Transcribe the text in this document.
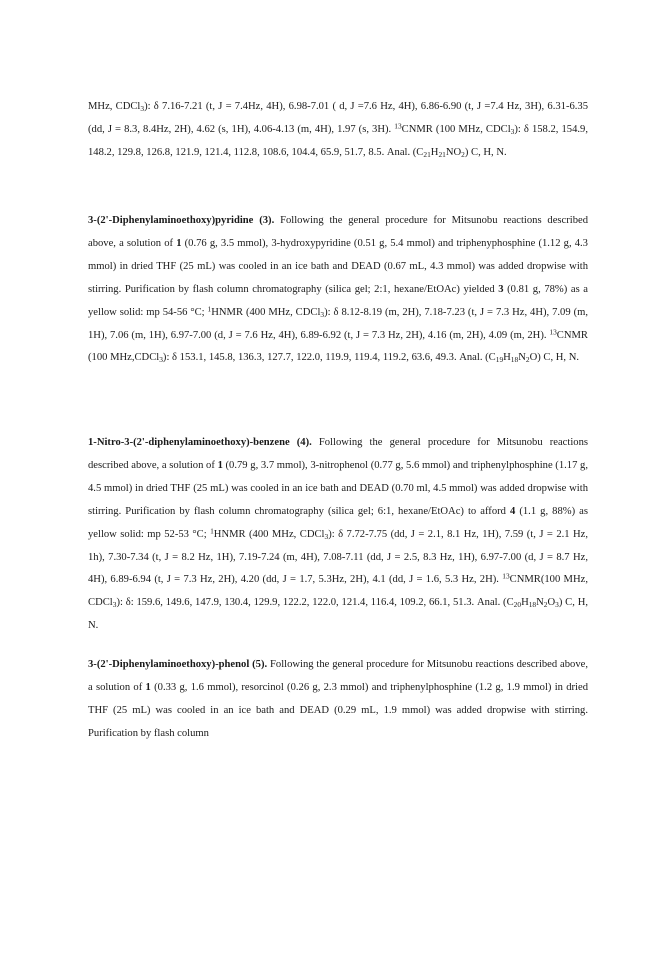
MHz, CDCl$_3$): δ 7.16-7.21 (t, J = 7.4Hz, 4H), 6.98-7.01 ( d, J =7.6 Hz, 4H), 6.86-6.90 (t, J =7.4 Hz, 3H), 6.31-6.35 (dd, J = 8.3, 8.4Hz, 2H), 4.62 (s, 1H), 4.06-4.13 (m, 4H), 1.97 (s, 3H). $^{13}$CNMR (100 MHz, CDCl$_3$): δ 158.2, 154.9, 148.2, 129.8, 126.8, 121.9, 121.4, 112.8, 108.6, 104.4, 65.9, 51.7, 8.5. Anal. $(C_{21}H_{21}NO_2)$ C, H, N.
3-(2'-Diphenylaminoethoxy)pyridine (3). Following the general procedure for Mitsunobu reactions described above, a solution of 1 (0.76 g, 3.5 mmol), 3-hydroxypyridine (0.51 g, 5.4 mmol) and triphenyphosphine (1.12 g, 4.3 mmol) in dried THF (25 mL) was cooled in an ice bath and DEAD (0.67 mL, 4.3 mmol) was added dropwise with stirring. Purification by flash column chromatography (silica gel; 2:1, hexane/EtOAc) yielded 3 (0.81 g, 78%) as a yellow solid: mp 54-56 °C; $^1$HNMR (400 MHz, CDCl$_3$): δ 8.12-8.19 (m, 2H), 7.18-7.23 (t, J = 7.3 Hz, 4H), 7.09 (m, 1H), 7.06 (m, 1H), 6.97-7.00 (d, J = 7.6 Hz, 4H), 6.89-6.92 (t, J = 7.3 Hz, 2H), 4.16 (m, 2H), 4.09 (m, 2H). $^{13}$CNMR (100 MHz,CDCl$_3$): δ 153.1, 145.8, 136.3, 127.7, 122.0, 119.9, 119.4, 119.2, 63.6, 49.3. Anal. $(C_{19}H_{18}N_2O)$ C, H, N.
1-Nitro-3-(2'-diphenylaminoethoxy)-benzene (4). Following the general procedure for Mitsunobu reactions described above, a solution of 1 (0.79 g, 3.7 mmol), 3-nitrophenol (0.77 g, 5.6 mmol) and triphenylphosphine (1.17 g, 4.5 mmol) in dried THF (25 mL) was cooled in an ice bath and DEAD (0.70 ml, 4.5 mmol) was added dropwise with stirring. Purification by flash column chromatography (silica gel; 6:1, hexane/EtOAc) to afford 4 (1.1 g, 88%) as yellow solid: mp 52-53 °C; $^1$HNMR (400 MHz, CDCl$_3$): δ 7.72-7.75 (dd, J = 2.1, 8.1 Hz, 1H), 7.59 (t, J = 2.1 Hz, 1h), 7.30-7.34 (t, J = 8.2 Hz, 1H), 7.19-7.24 (m, 4H), 7.08-7.11 (dd, J = 2.5, 8.3 Hz, 1H), 6.97-7.00 (d, J = 8.7 Hz, 4H), 6.89-6.94 (t, J = 7.3 Hz, 2H), 4.20 (dd, J = 1.7, 5.3Hz, 2H), 4.1 (dd, J = 1.6, 5.3 Hz, 2H). $^{13}$CNMR(100 MHz, CDCl$_3$): δ: 159.6, 149.6, 147.9, 130.4, 129.9, 122.2, 122.0, 121.4, 116.4, 109.2, 66.1, 51.3. Anal. $(C_{20}H_{18}N_2O_3)$ C, H, N.
3-(2'-Diphenylaminoethoxy)-phenol (5). Following the general procedure for Mitsunobu reactions described above, a solution of 1 (0.33 g, 1.6 mmol), resorcinol (0.26 g, 2.3 mmol) and triphenylphosphine (1.2 g, 1.9 mmol) in dried THF (25 mL) was cooled in an ice bath and DEAD (0.29 mL, 1.9 mmol) was added dropwise with stirring. Purification by flash column
